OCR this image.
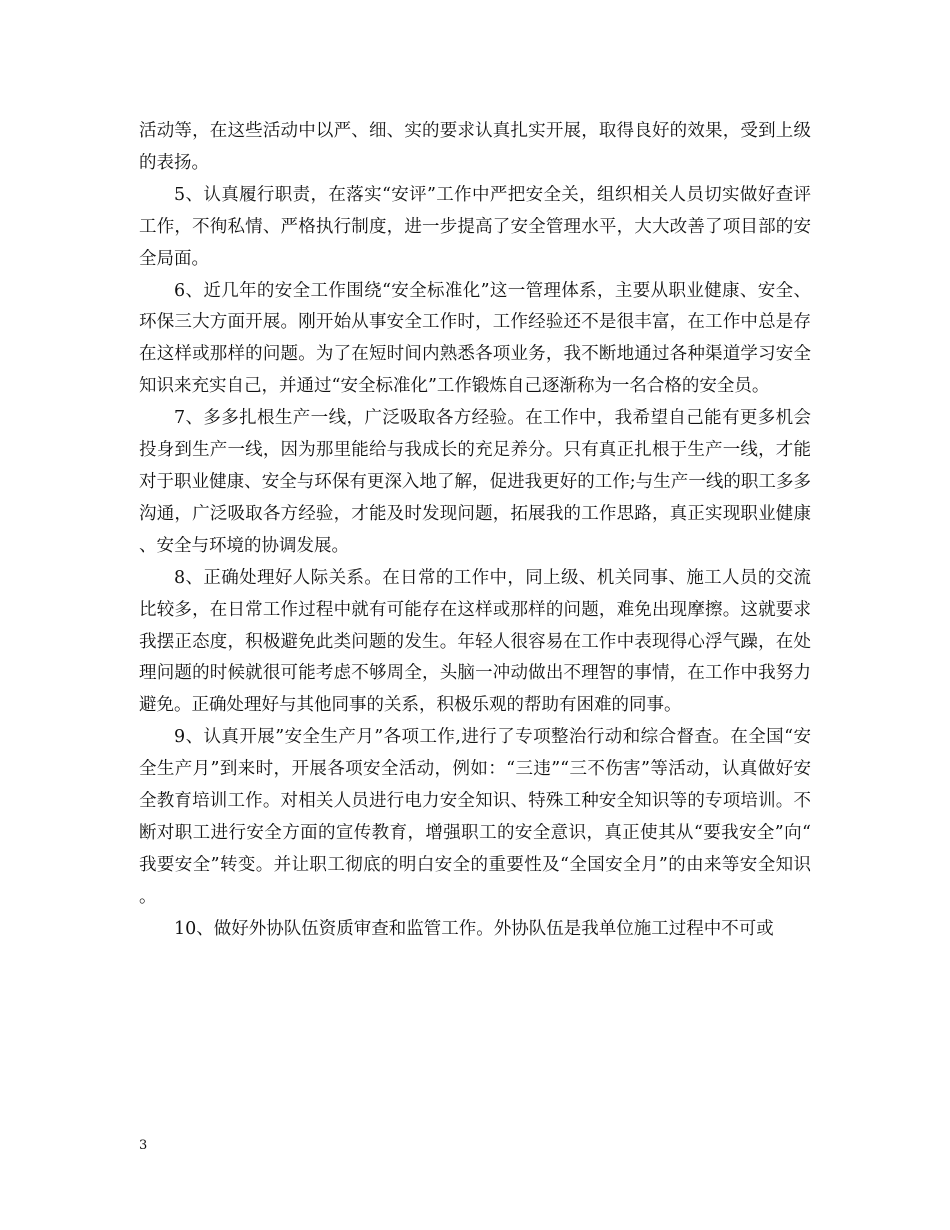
活动等，在这些活动中以严、细、实的要求认真扎实开展，取得良好的效果，受到上级的表扬。

5、认真履行职责，在落实“安评”工作中严把安全关，组织相关人员切实做好查评工作，不徇私情、严格执行制度，进一步提高了安全管理水平，大大改善了项目部的安全局面。

6、近几年的安全工作围绕“安全标准化”这一管理体系，主要从职业健康、安全、环保三大方面开展。刚开始从事安全工作时，工作经验还不是很丰富，在工作中总是存在这样或那样的问题。为了在短时间内熟悉各项业务，我不断地通过各种渠道学习安全知识来充实自己，并通过“安全标准化”工作锻炼自己逐渐称为一名合格的安全员。

7、多多扎根生产一线，广泛吸取各方经验。在工作中，我希望自己能有更多机会投身到生产一线，因为那里能给与我成长的充足养分。只有真正扎根于生产一线，才能对于职业健康、安全与环保有更深入地了解，促进我更好的工作;与生产一线的职工多多沟通，广泛吸取各方经验，才能及时发现问题，拓展我的工作思路，真正实现职业健康、安全与环境的协调发展。

8、正确处理好人际关系。在日常的工作中，同上级、机关同事、施工人员的交流比较多，在日常工作过程中就有可能存在这样或那样的问题，难免出现摩擦。这就要求我摆正态度，积极避免此类问题的发生。年轻人很容易在工作中表现得心浮气躁，在处理问题的时候就很可能考虑不够周全，头脑一冲动做出不理智的事情，在工作中我努力避免。正确处理好与其他同事的关系，积极乐观的帮助有困难的同事。

9、认真开展”安全生产月”各项工作,进行了专项整治行动和综合督查。在全国“安全生产月”到来时，开展各项安全活动，例如：“三违”“三不伤害”等活动，认真做好安全教育培训工作。对相关人员进行电力安全知识、特殊工种安全知识等的专项培训。不断对职工进行安全方面的宣传教育，增强职工的安全意识，真正使其从“要我安全”向“我要安全”转变。并让职工彻底的明白安全的重要性及“全国安全月”的由来等安全知识。

10、做好外协队伍资质审查和监管工作。外协队伍是我单位施工过程中不可或

3
